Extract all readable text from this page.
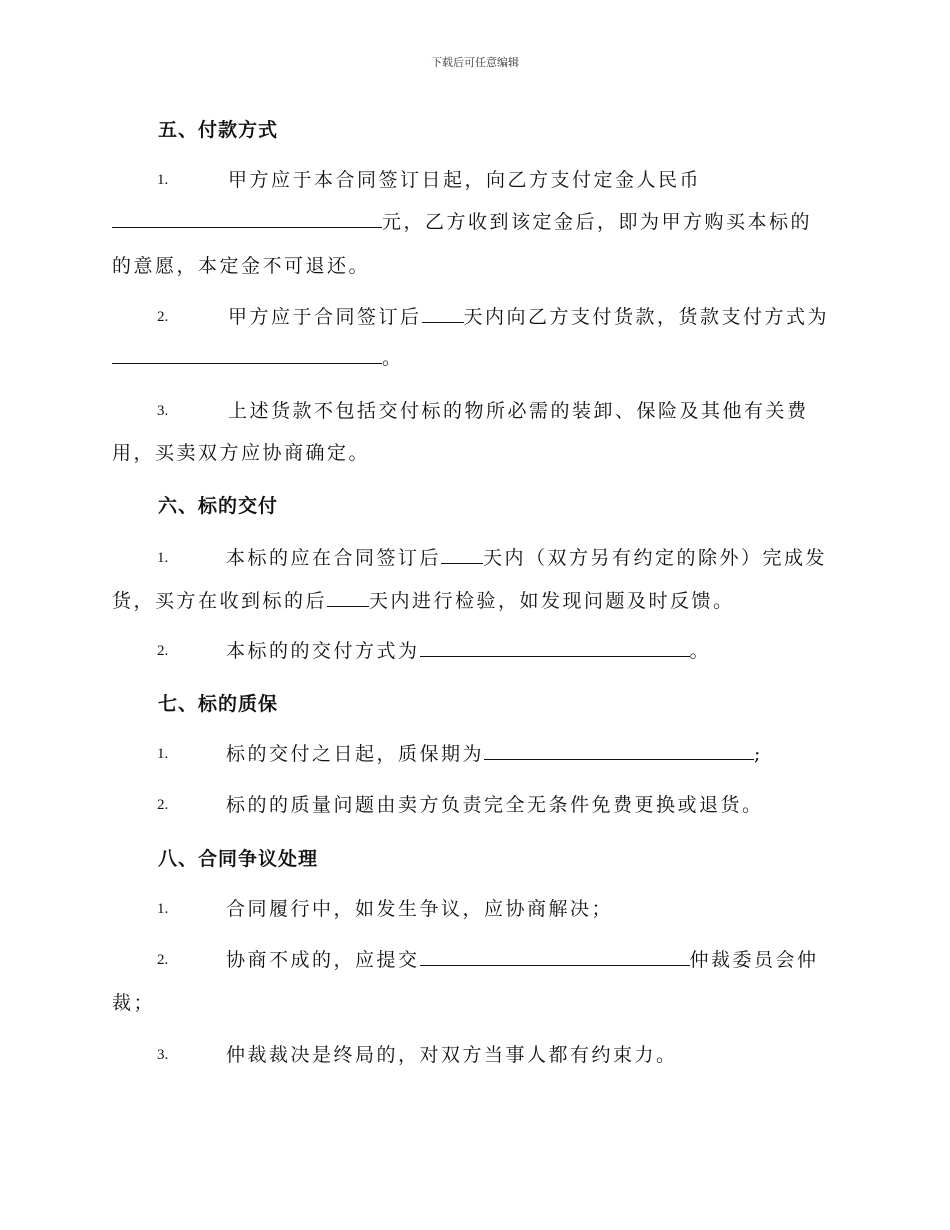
下载后可任意编辑
五、付款方式
1.	甲方应于本合同签订日起，向乙方支付定金人民币
元，乙方收到该定金后，即为甲方购买本标的
的意愿，本定金不可退还。
2.	甲方应于合同签订后 天内向乙方支付货款，货款支付方式为
。
3.	上述货款不包括交付标的物所必需的装卸、保险及其他有关费
用，买卖双方应协商确定。
六、标的交付
1.	本标的应在合同签订后 天内（双方另有约定的除外）完成发
货，买方在收到标的后 天内进行检验，如发现问题及时反馈。
2.	本标的的交付方式为	。
七、标的质保
1.	标的交付之日起，质保期为	;
2.	标的的质量问题由卖方负责完全无条件免费更换或退货。
八、合同争议处理
1.	合同履行中，如发生争议，应协商解决；
2.	协商不成的，应提交	仲裁委员会仲
裁；
3.	仲裁裁决是终局的，对双方当事人都有约束力。
